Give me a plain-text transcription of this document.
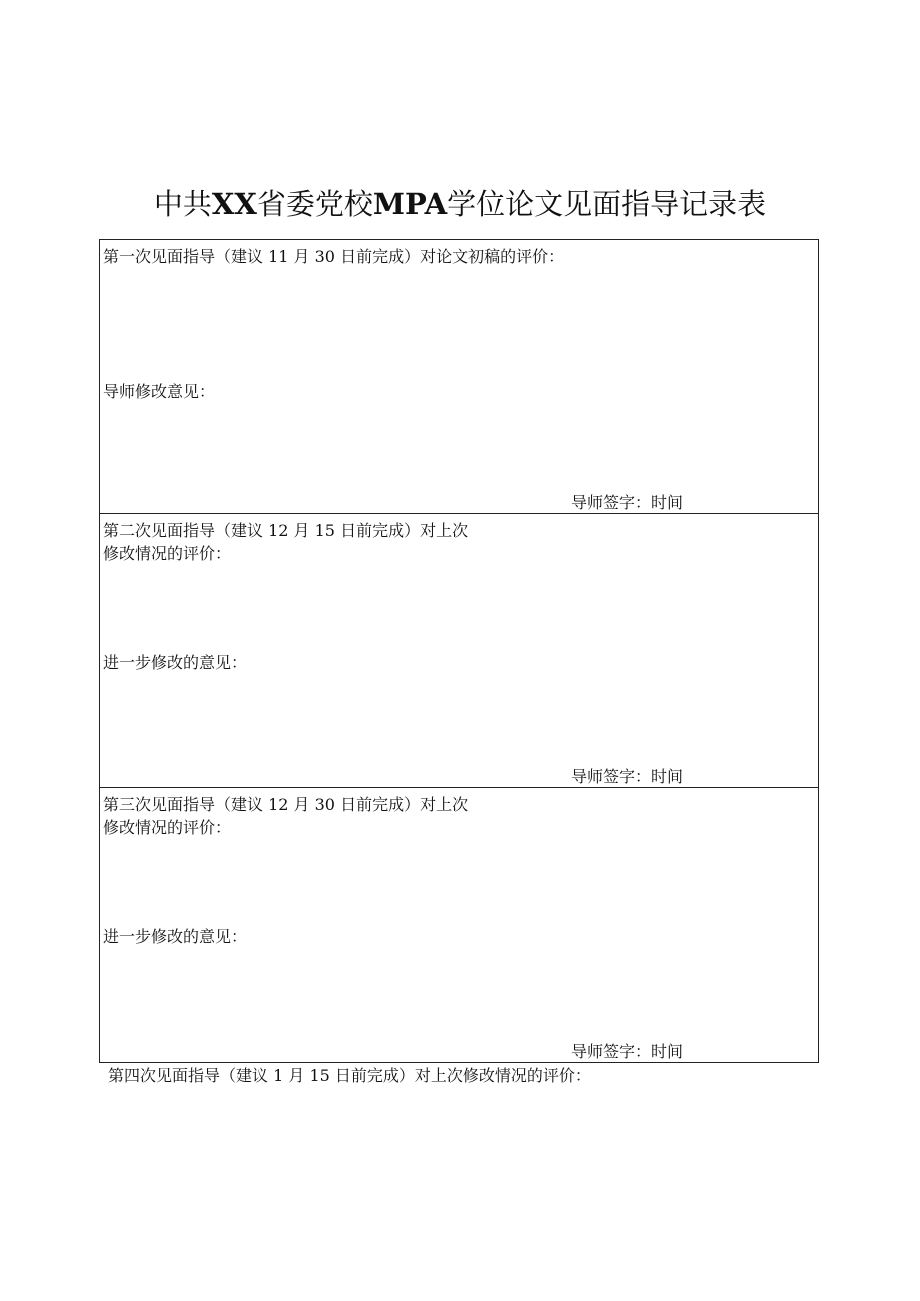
中共XX省委党校MPA学位论文见面指导记录表
第一次见面指导（建议 11 月 30 日前完成）对论文初稿的评价：
导师修改意见：
导师签字：时间
第二次见面指导（建议 12 月 15 日前完成）对上次
修改情况的评价：
进一步修改的意见：
导师签字：时间
第三次见面指导（建议 12 月 30 日前完成）对上次
修改情况的评价：
进一步修改的意见：
导师签字：时间
第四次见面指导（建议 1 月 15 日前完成）对上次修改情况的评价：
